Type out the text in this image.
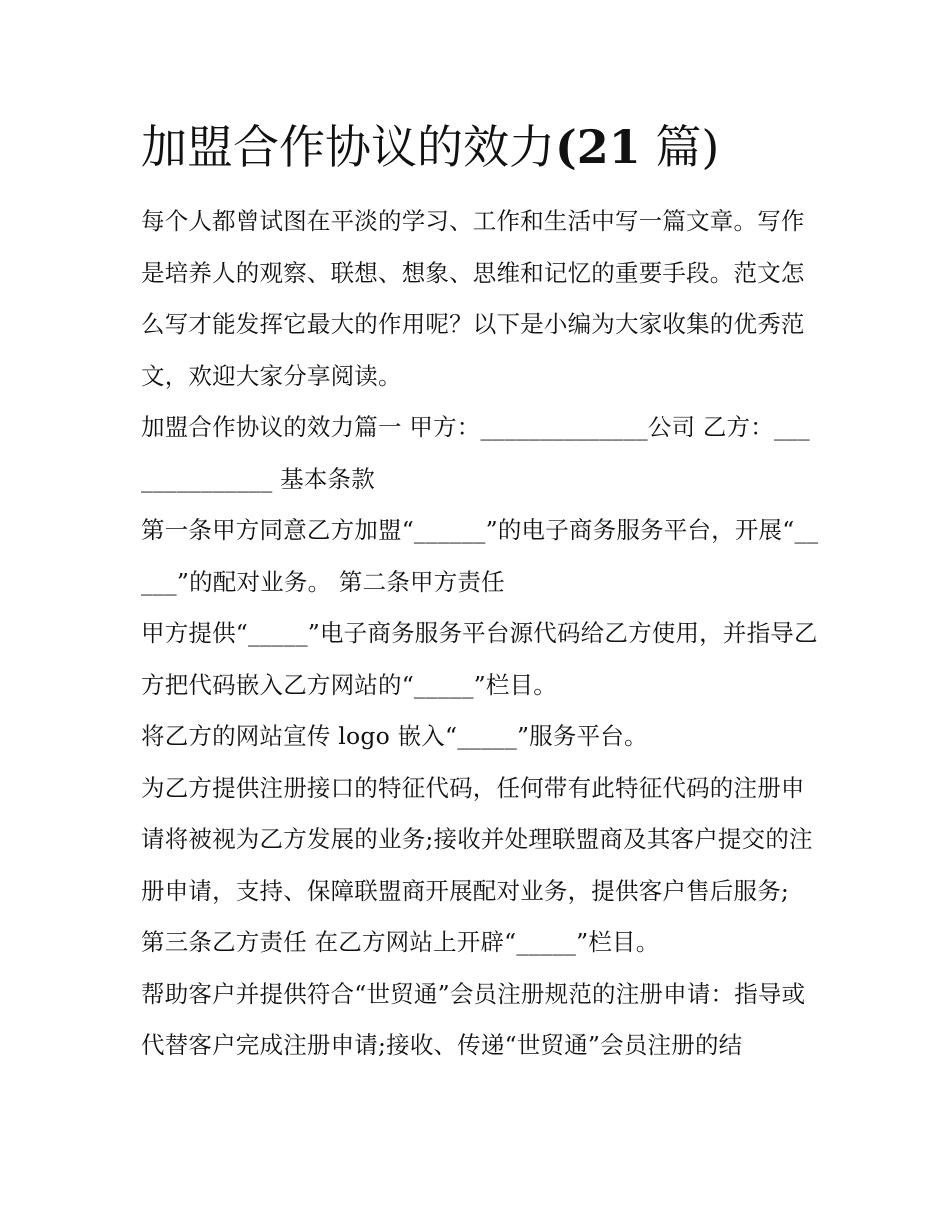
加盟合作协议的效力(21 篇)

每个人都曾试图在平淡的学习、工作和生活中写一篇文章。写作是培养人的观察、联想、想象、思维和记忆的重要手段。范文怎么写才能发挥它最大的作用呢？以下是小编为大家收集的优秀范文，欢迎大家分享阅读。

加盟合作协议的效力篇一 甲方：______________公司 乙方：______________ 基本条款

第一条甲方同意乙方加盟“______”的电子商务服务平台，开展“_____”的配对业务。 第二条甲方责任

甲方提供“_____”电子商务服务平台源代码给乙方使用，并指导乙方把代码嵌入乙方网站的“_____”栏目。

将乙方的网站宣传 logo 嵌入“_____”服务平台。

为乙方提供注册接口的特征代码，任何带有此特征代码的注册申请将被视为乙方发展的业务;接收并处理联盟商及其客户提交的注册申请，支持、保障联盟商开展配对业务，提供客户售后服务;

第三条乙方责任 在乙方网站上开辟“_____”栏目。

帮助客户并提供符合“世贸通”会员注册规范的注册申请：指导或代替客户完成注册申请;接收、传递“世贸通”会员注册的结
